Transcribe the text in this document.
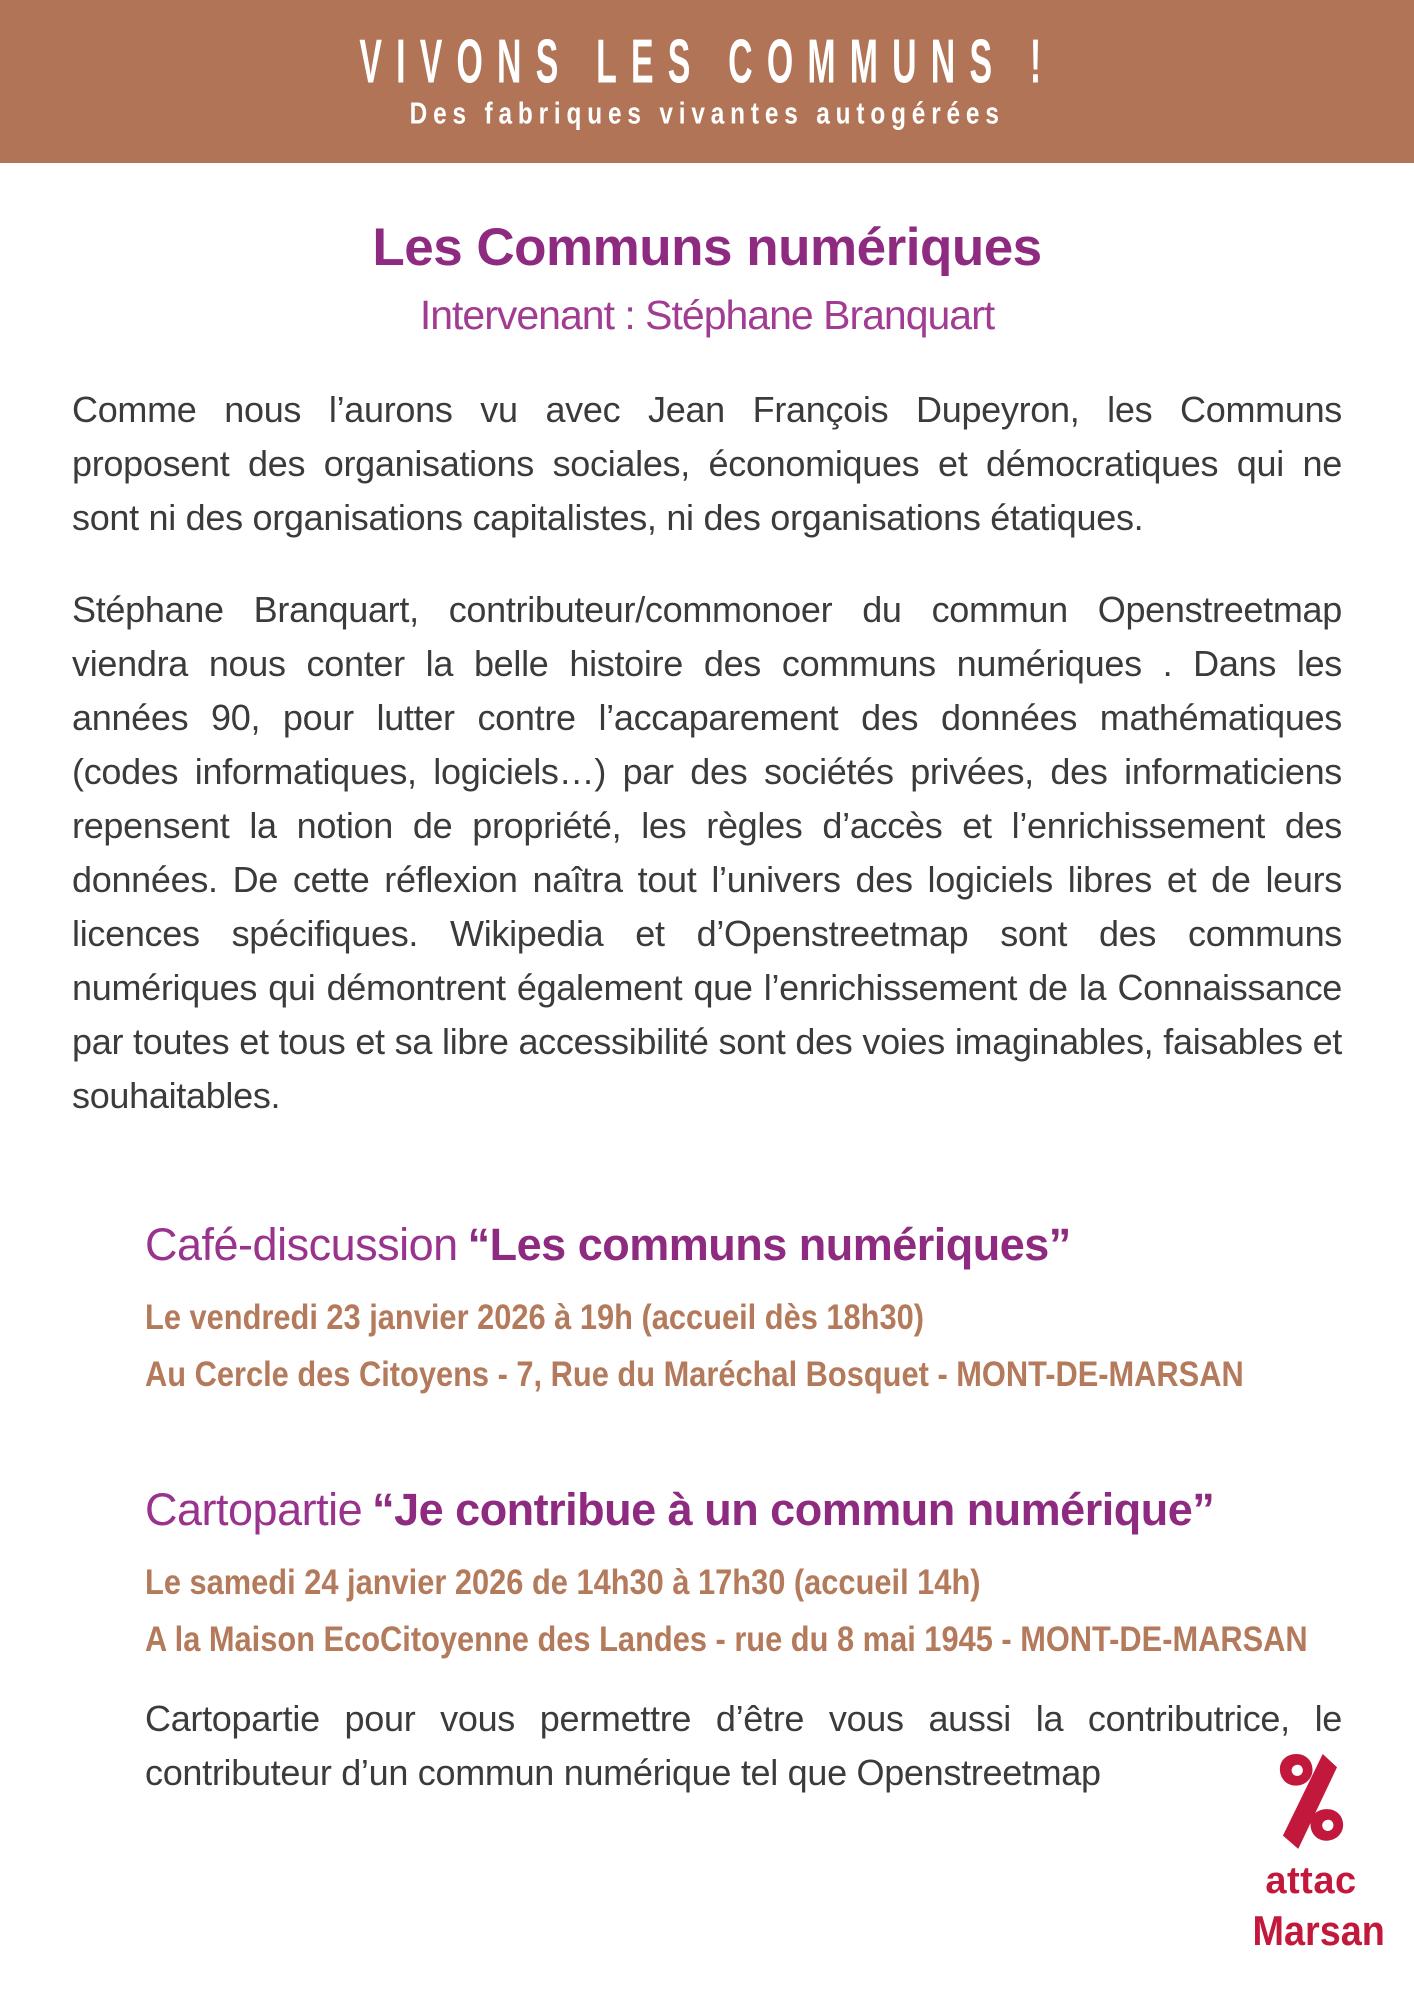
VIVONS LES COMMUNS !
Des fabriques vivantes autogérées
Les Communs numériques
Intervenant : Stéphane Branquart

Comme nous l’aurons vu avec Jean François Dupeyron, les Communs proposent des organisations sociales, économiques et démocratiques qui ne sont ni des organisations capitalistes, ni des organisations étatiques.

Stéphane Branquart, contributeur/commonoer du commun Openstreetmap viendra nous conter la belle histoire des communs numériques . Dans les années 90, pour lutter contre l’accaparement des données mathématiques (codes informatiques, logiciels…) par des sociétés privées, des informaticiens repensent la notion de propriété, les règles d’accès et l’enrichissement des données. De cette réflexion naîtra tout l’univers des logiciels libres et de leurs licences spécifiques. Wikipedia et d’Openstreetmap sont des communs numériques qui démontrent également que l’enrichissement de la Connaissance par toutes et tous et sa libre accessibilité sont des voies imaginables, faisables et souhaitables.

Café-discussion “Les communs numériques”
Le vendredi 23 janvier 2026 à 19h (accueil dès 18h30)
Au Cercle des Citoyens - 7, Rue du Maréchal Bosquet - MONT-DE-MARSAN
Cartopartie “Je contribue à un commun numérique”
Le samedi 24 janvier 2026 de 14h30 à 17h30 (accueil 14h)
A la Maison EcoCitoyenne des Landes - rue du 8 mai 1945 - MONT-DE-MARSAN

Cartopartie pour vous permettre d’être vous aussi la contributrice, le contributeur d’un commun numérique tel que Openstreetmap

attac
Marsan
